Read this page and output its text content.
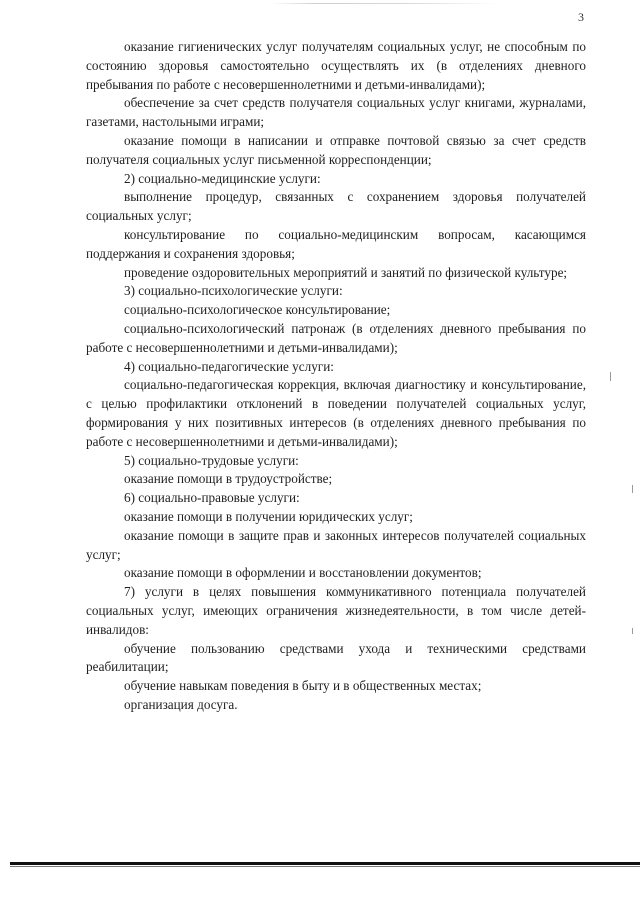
3

оказание гигиенических услуг получателям социальных услуг, не способным по состоянию здоровья самостоятельно осуществлять их (в отделениях дневного пребывания по работе с несовершеннолетними и детьми-инвалидами);

обеспечение за счет средств получателя социальных услуг книгами, журналами, газетами, настольными играми;

оказание помощи в написании и отправке почтовой связью за счет средств получателя социальных услуг письменной корреспонденции;

2) социально-медицинские услуги:

выполнение процедур, связанных с сохранением здоровья получателей социальных услуг;

консультирование по социально-медицинским вопросам, касающимся поддержания и сохранения здоровья;

проведение оздоровительных мероприятий и занятий по физической культуре;

3) социально-психологические услуги:

социально-психологическое консультирование;

социально-психологический патронаж (в отделениях дневного пребывания по работе с несовершеннолетними и детьми-инвалидами);

4) социально-педагогические услуги:

социально-педагогическая коррекция, включая диагностику и консультирование, с целью профилактики отклонений в поведении получателей социальных услуг, формирования у них позитивных интересов (в отделениях дневного пребывания по работе с несовершеннолетними и детьми-инвалидами);

5) социально-трудовые услуги:

оказание помощи в трудоустройстве;

6) социально-правовые услуги:

оказание помощи в получении юридических услуг;

оказание помощи в защите прав и законных интересов получателей социальных услуг;

оказание помощи в оформлении и восстановлении документов;

7) услуги в целях повышения коммуникативного потенциала получателей социальных услуг, имеющих ограничения жизнедеятельности, в том числе детей-инвалидов:

обучение пользованию средствами ухода и техническими средствами реабилитации;

обучение навыкам поведения в быту и в общественных местах;

организация досуга.
